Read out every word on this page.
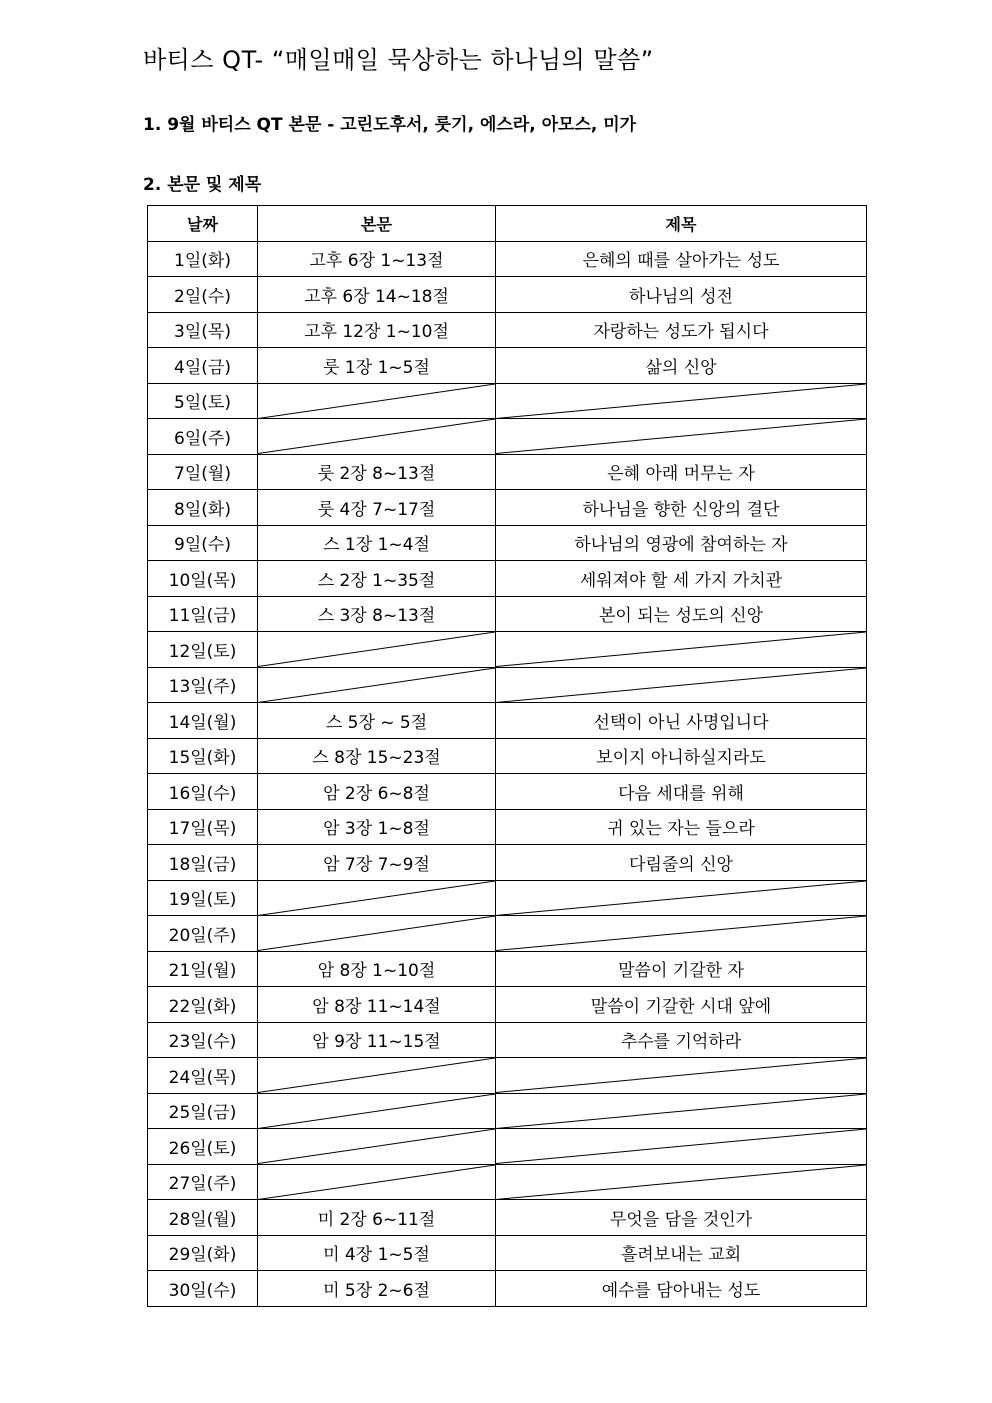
바티스 QT- “매일매일 묵상하는 하나님의 말씀”
1. 9월 바티스 QT 본문 - 고린도후서, 룻기, 에스라, 아모스, 미가
2. 본문 및 제목
날짜	본문	제목
1일(화)	고후 6장 1~13절	은혜의 때를 살아가는 성도
2일(수)	고후 6장 14~18절	하나님의 성전
3일(목)	고후 12장 1~10절	자랑하는 성도가 됩시다
4일(금)	룻 1장 1~5절	삶의 신앙
5일(토)	

6일(주)	

7일(월)	룻 2장 8~13절	은혜 아래 머무는 자
8일(화)	룻 4장 7~17절	하나님을 향한 신앙의 결단
9일(수)	스 1장 1~4절	하나님의 영광에 참여하는 자
10일(목)	스 2장 1~35절	세워져야 할 세 가지 가치관
11일(금)	스 3장 8~13절	본이 되는 성도의 신앙
12일(토)	

13일(주)	

14일(월)	스 5장 ~ 5절	선택이 아닌 사명입니다
15일(화)	스 8장 15~23절	보이지 아니하실지라도
16일(수)	암 2장 6~8절	다음 세대를 위해
17일(목)	암 3장 1~8절	귀 있는 자는 들으라
18일(금)	암 7장 7~9절	다림줄의 신앙
19일(토)	

20일(주)	

21일(월)	암 8장 1~10절	말씀이 기갈한 자
22일(화)	암 8장 11~14절	말씀이 기갈한 시대 앞에
23일(수)	암 9장 11~15절	추수를 기억하라
24일(목)	

25일(금)	

26일(토)	

27일(주)	

28일(월)	미 2장 6~11절	무엇을 담을 것인가
29일(화)	미 4장 1~5절	흘려보내는 교회
30일(수)	미 5장 2~6절	예수를 담아내는 성도
